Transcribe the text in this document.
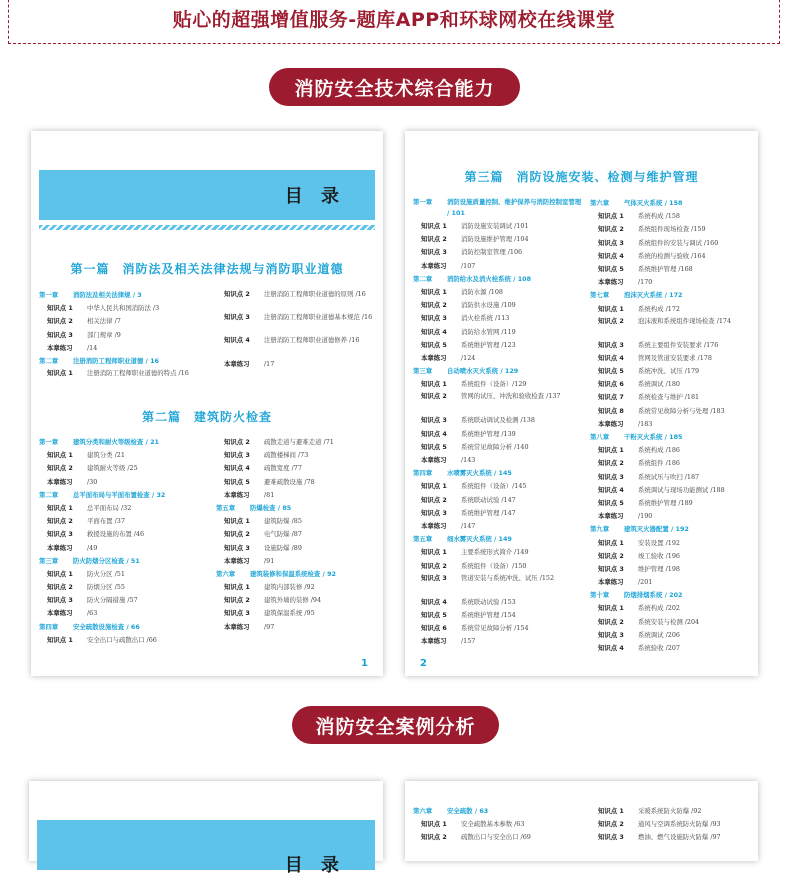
贴心的超强增值服务-题库APP和环球网校在线课堂
消防安全技术综合能力
目 录
第一篇　消防法及相关法律法规与消防职业道德
第一章 消防法及相关法律规 / 3
知识点 1 中华人民共和国消防法 /3
知识点 2 相关法律 /7
知识点 3 部门规章 /9
本章练习 /14
第二章 注册消防工程师职业道德 / 16
知识点 1 注册消防工程师职业道德的特点 /16
知识点 2 注册消防工程师职业道德的原则 /16
知识点 3 注册消防工程师职业道德基本规范 /16
知识点 4 注册消防工程师职业道德修养 /16
本章练习 /17
第二篇　建筑防火检查
第一章 建筑分类和耐火等级检查 / 21
知识点 1 建筑分类 /21
知识点 2 建筑耐火等级 /25
本章练习 /30
第二章 总平面布局与平面布置检查 / 32
知识点 1 总平面布局 /32
知识点 2 平面布置 /37
知识点 3 救援设施的布置 /46
本章练习 /49
第三章 防火防烟分区检查 / 51
知识点 1 防火分区 /51
知识点 2 防烟分区 /55
知识点 3 防火分隔措施 /57
本章练习 /63
第四章 安全疏散设施检查 / 66
知识点 1 安全出口与疏散出口 /66
知识点 2 疏散走道与避难走道 /71
知识点 3 疏散楼梯间 /73
知识点 4 疏散宽度 /77
知识点 5 避难疏散设施 /78
本章练习 /81
第五章 防爆检查 / 85
知识点 1 建筑防爆 /85
知识点 2 电气防爆 /87
知识点 3 设施防爆 /89
本章练习 /91
第六章 建筑装修和保温系统检查 / 92
知识点 1 建筑内部装修 /92
知识点 2 建筑外墙的装修 /94
知识点 3 建筑保温系统 /95
本章练习 /97
1
第三篇　消防设施安装、检测与维护管理
第一章 消防设施质量控制、维护保养与消防控制室管理 / 101
知识点 1 消防设施安装调试 /101
知识点 2 消防设施维护管理 /104
知识点 3 消防控制室管理 /106
本章练习 /107
第二章 消防给水及消火栓系统 / 108
知识点 1 消防水源 /108
知识点 2 消防供水设施 /109
知识点 3 消火栓系统 /113
知识点 4 消防给水管网 /119
知识点 5 系统维护管理 /123
本章练习 /124
第三章 自动喷水灭火系统 / 129
知识点 1 系统组件（设备）/129
知识点 2 管网的试压、冲洗和验收检查 /137
知识点 3 系统联动调试及检测 /138
知识点 4 系统维护管理 /139
知识点 5 系统常见故障分析 /140
本章练习 /143
第四章 水喷雾灭火系统 / 145
知识点 1 系统组件（设备）/145
知识点 2 系统联动试验 /147
知识点 3 系统维护管理 /147
本章练习 /147
第五章 细水雾灭火系统 / 149
知识点 1 主要系统形式简介 /149
知识点 2 系统组件（设备）/150
知识点 3 管道安装与系统冲洗、试压 /152
知识点 4 系统联动试验 /153
知识点 5 系统维护管理 /154
知识点 6 系统常见故障分析 /154
本章练习 /157
第六章 气体灭火系统 / 158
知识点 1 系统构成 /158
知识点 2 系统组件现场检查 /159
知识点 3 系统组件的安装与调试 /160
知识点 4 系统的检测与验收 /164
知识点 5 系统维护管理 /168
本章练习 /170
第七章 泡沫灭火系统 / 172
知识点 1 系统构成 /172
知识点 2 泡沫液和系统组件现场检查 /174
知识点 3 系统主要组件安装要求 /176
知识点 4 管网及管道安装要求 /178
知识点 5 系统冲洗、试压 /179
知识点 6 系统调试 /180
知识点 7 系统检查与维护 /181
知识点 8 系统常见故障分析与处理 /183
本章练习 /183
第八章 干粉灭火系统 / 185
知识点 1 系统构成 /186
知识点 2 系统组件 /186
知识点 3 系统试压与吹扫 /187
知识点 4 系统调试与现场功能测试 /188
知识点 5 系统维护管理 /189
本章练习 /190
第九章 建筑灭火器配置 / 192
知识点 1 安装设置 /192
知识点 2 竣工验收 /196
知识点 3 维护管理 /198
本章练习 /201
第十章 防烟排烟系统 / 202
知识点 1 系统构成 /202
知识点 2 系统安装与检测 /204
知识点 3 系统调试 /206
知识点 4 系统验收 /207
2
消防安全案例分析
目 录
第六章 安全疏散 / 63
知识点 1 安全疏散基本参数 /63
知识点 2 疏散出口与安全出口 /69
知识点 1 采暖系统防火防爆 /92
知识点 2 通风与空调系统防火防爆 /93
知识点 3 燃油、燃气设施防火防爆 /97
